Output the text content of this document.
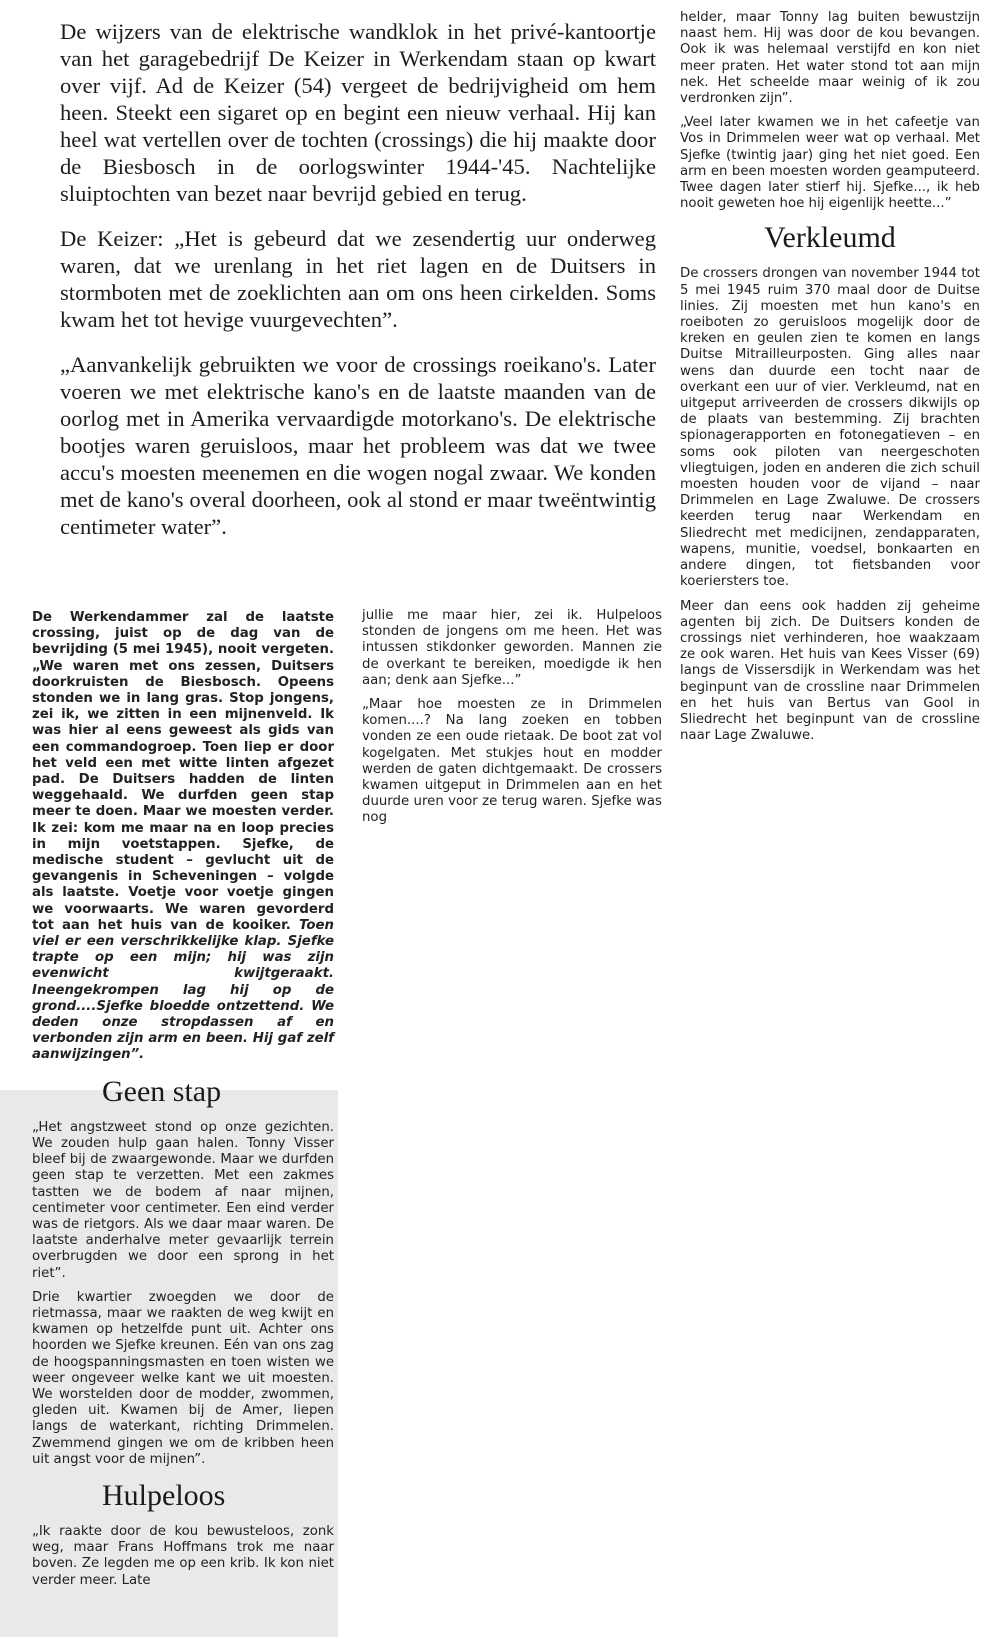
De wijzers van de elektrische wandklok in het privé-kantoortje van het garagebedrijf De Keizer in Werkendam staan op kwart over vijf. Ad de Keizer (54) vergeet de bedrijvigheid om hem heen. Steekt een sigaret op en begint een nieuw verhaal. Hij kan heel wat vertellen over de tochten (crossings) die hij maakte door de Biesbosch in de oorlogswinter 1944-'45. Nachtelijke sluiptochten van bezet naar bevrijd gebied en terug.

De Keizer: „Het is gebeurd dat we zesendertig uur onderweg waren, dat we urenlang in het riet lagen en de Duitsers in stormboten met de zoeklichten aan om ons heen cirkelden. Soms kwam het tot hevige vuurgevechten”.

„Aanvankelijk gebruikten we voor de crossings roeikano's. Later voeren we met elektrische kano's en de laatste maanden van de oorlog met in Amerika vervaardigde motorkano's. De elektrische bootjes waren geruisloos, maar het probleem was dat we twee accu's moesten meenemen en die wogen nogal zwaar. We konden met de kano's overal doorheen, ook al stond er maar tweëntwintig centimeter water”.

De Werkendammer zal de laatste crossing, juist op de dag van de bevrijding (5 mei 1945), nooit vergeten. „We waren met ons zessen, Duitsers doorkruisten de Biesbosch. Opeens stonden we in lang gras. Stop jongens, zei ik, we zitten in een mijnenveld. Ik was hier al eens geweest als gids van een commandogroep. Toen liep er door het veld een met witte linten afgezet pad. De Duitsers hadden de linten weggehaald. We durfden geen stap meer te doen. Maar we moesten verder. Ik zei: kom me maar na en loop precies in mijn voetstappen. Sjefke, de medische student – gevlucht uit de gevangenis in Scheveningen – volgde als laatste. Voetje voor voetje gingen we voorwaarts. We waren gevorderd tot aan het huis van de kooiker. Toen viel er een verschrikkelijke klap. Sjefke trapte op een mijn; hij was zijn evenwicht kwijtgeraakt. Ineengekrompen lag hij op de grond....Sjefke bloedde ontzettend. We deden onze stropdassen af en verbonden zijn arm en been. Hij gaf zelf aanwijzingen”.

Geen stap

„Het angstzweet stond op onze gezichten. We zouden hulp gaan halen. Tonny Visser bleef bij de zwaargewonde. Maar we durfden geen stap te verzetten. Met een zakmes tastten we de bodem af naar mijnen, centimeter voor centimeter. Een eind verder was de rietgors. Als we daar maar waren. De laatste anderhalve meter gevaarlijk terrein overbrugden we door een sprong in het riet”.

Drie kwartier zwoegden we door de rietmassa, maar we raakten de weg kwijt en kwamen op hetzelfde punt uit. Achter ons hoorden we Sjefke kreunen. Eén van ons zag de hoogspanningsmasten en toen wisten we weer ongeveer welke kant we uit moesten. We worstelden door de modder, zwommen, gleden uit. Kwamen bij de Amer, liepen langs de waterkant, richting Drimmelen. Zwemmend gingen we om de kribben heen uit angst voor de mijnen”.

Hulpeloos

„Ik raakte door de kou bewusteloos, zonk weg, maar Frans Hoffmans trok me naar boven. Ze legden me op een krib. Ik kon niet verder meer. Late

jullie me maar hier, zei ik. Hulpeloos stonden de jongens om me heen. Het was intussen stikdonker geworden. Mannen zie de overkant te bereiken, moedigde ik hen aan; denk aan Sjefke...”

„Maar hoe moesten ze in Drimmelen komen....? Na lang zoeken en tobben vonden ze een oude rietaak. De boot zat vol kogelgaten. Met stukjes hout en modder werden de gaten dichtgemaakt. De crossers kwamen uitgeput in Drimmelen aan en het duurde uren voor ze terug waren. Sjefke was nog

helder, maar Tonny lag buiten bewustzijn naast hem. Hij was door de kou bevangen. Ook ik was helemaal verstijfd en kon niet meer praten. Het water stond tot aan mijn nek. Het scheelde maar weinig of ik zou verdronken zijn”.

„Veel later kwamen we in het cafeetje van Vos in Drimmelen weer wat op verhaal. Met Sjefke (twintig jaar) ging het niet goed. Een arm en been moesten worden geamputeerd. Twee dagen later stierf hij. Sjefke..., ik heb nooit geweten hoe hij eigenlijk heette...”

Verkleumd

De crossers drongen van november 1944 tot 5 mei 1945 ruim 370 maal door de Duitse linies. Zij moesten met hun kano's en roeiboten zo geruisloos mogelijk door de kreken en geulen zien te komen en langs Duitse Mitrailleurposten. Ging alles naar wens dan duurde een tocht naar de overkant een uur of vier. Verkleumd, nat en uitgeput arriveerden de crossers dikwijls op de plaats van bestemming. Zij brachten spionagerapporten en fotonegatieven – en soms ook piloten van neergeschoten vliegtuigen, joden en anderen die zich schuil moesten houden voor de vijand – naar Drimmelen en Lage Zwaluwe. De crossers keerden terug naar Werkendam en Sliedrecht met medicijnen, zendapparaten, wapens, munitie, voedsel, bonkaarten en andere dingen, tot fietsbanden voor koeriersters toe.

Meer dan eens ook hadden zij geheime agenten bij zich. De Duitsers konden de crossings niet verhinderen, hoe waakzaam ze ook waren. Het huis van Kees Visser (69) langs de Vissersdijk in Werkendam was het beginpunt van de crossline naar Drimmelen en het huis van Bertus van Gool in Sliedrecht het beginpunt van de crossline naar Lage Zwaluwe.
